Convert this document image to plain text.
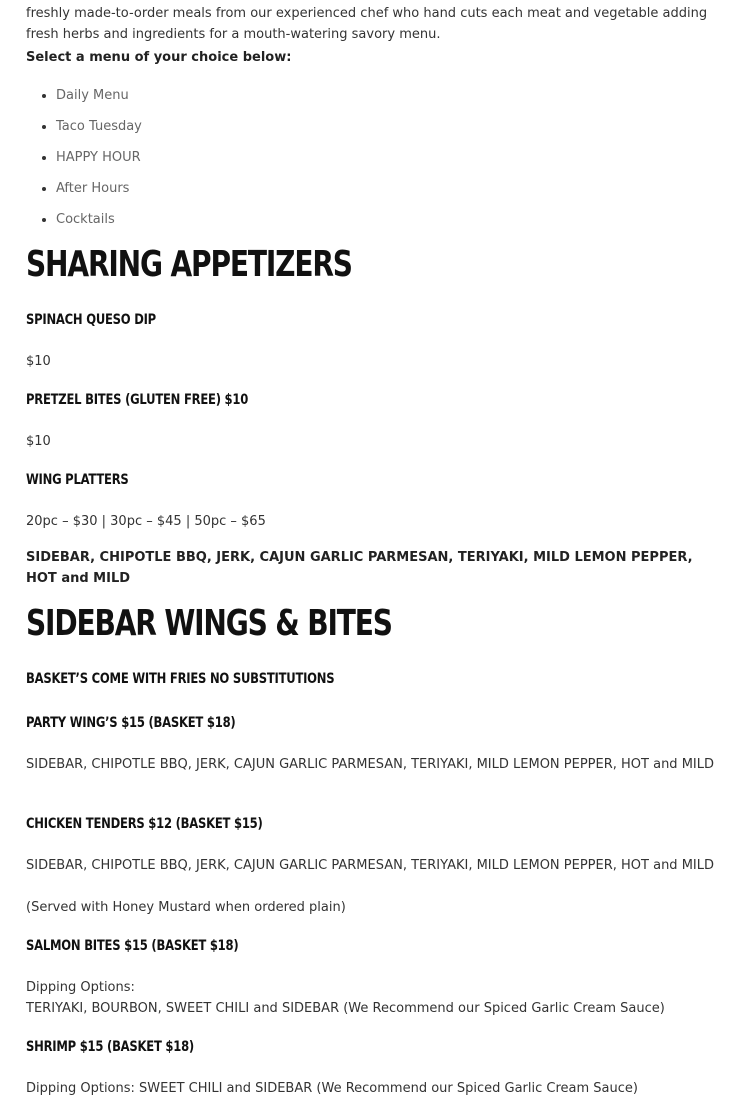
freshly made-to-order meals from our experienced chef who hand cuts each meat and vegetable adding fresh herbs and ingredients for a mouth-watering savory menu.

Select a menu of your choice below:

• Daily Menu
• Taco Tuesday
• HAPPY HOUR
• After Hours
• Cocktails
SHARING APPETIZERS
SPINACH QUESO DIP

$10

PRETZEL BITES (GLUTEN FREE) $10

$10

WING PLATTERS

20pc – $30 | 30pc – $45 | 50pc – $65

SIDEBAR, CHIPOTLE BBQ, JERK, CAJUN GARLIC PARMESAN, TERIYAKI, MILD LEMON PEPPER, HOT and MILD

SIDEBAR WINGS & BITES
BASKET’S COME WITH FRIES NO SUBSTITUTIONS
PARTY WING’S $15 (BASKET $18)

SIDEBAR, CHIPOTLE BBQ, JERK, CAJUN GARLIC PARMESAN, TERIYAKI, MILD LEMON PEPPER, HOT and MILD

CHICKEN TENDERS $12 (BASKET $15)

SIDEBAR, CHIPOTLE BBQ, JERK, CAJUN GARLIC PARMESAN, TERIYAKI, MILD LEMON PEPPER, HOT and MILD

(Served with Honey Mustard when ordered plain)

SALMON BITES $15 (BASKET $18)

Dipping Options:

TERIYAKI, BOURBON, SWEET CHILI and SIDEBAR (We Recommend our Spiced Garlic Cream Sauce)

SHRIMP $15 (BASKET $18)

Dipping Options: SWEET CHILI and SIDEBAR (We Recommend our Spiced Garlic Cream Sauce)
